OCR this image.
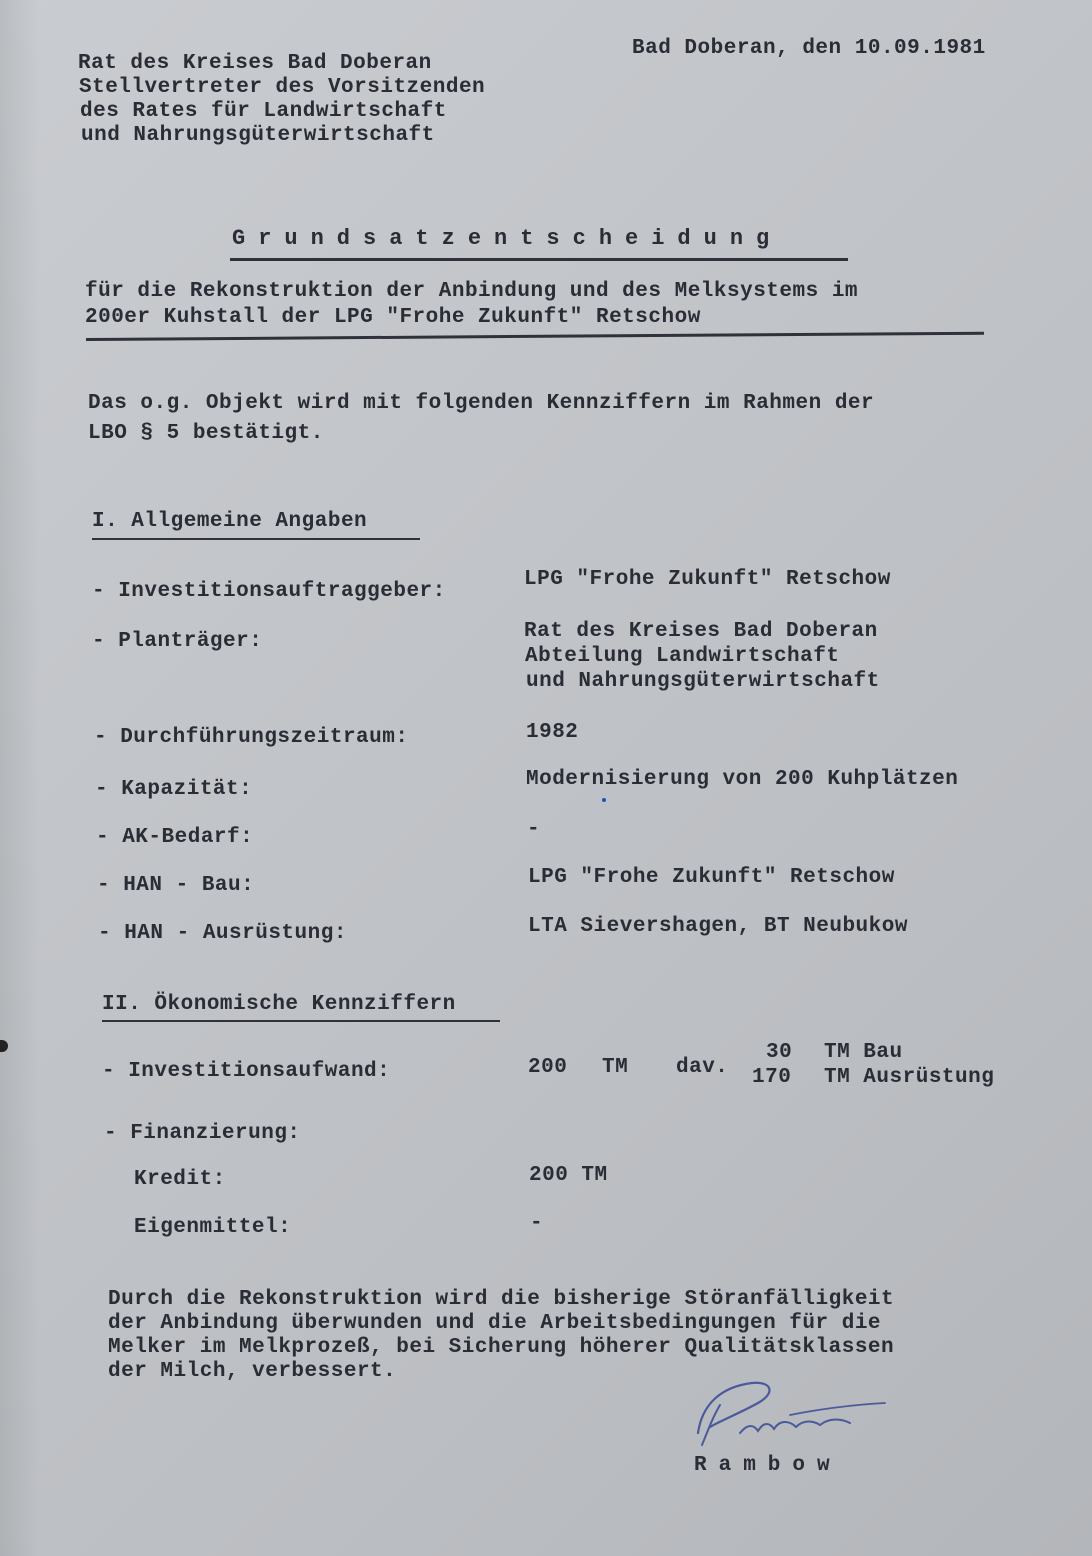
Rat des Kreises Bad Doberan
Stellvertreter des Vorsitzenden
des Rates für Landwirtschaft
und Nahrungsgüterwirtschaft
Bad Doberan, den 10.09.1981
Grundsatzentscheidung
für die Rekonstruktion der Anbindung und des Melksystems im
200er Kuhstall der LPG "Frohe Zukunft" Retschow
Das o.g. Objekt wird mit folgenden Kennziffern im Rahmen der
LBO § 5 bestätigt.
I. Allgemeine Angaben
- Investitionsauftraggeber:
LPG "Frohe Zukunft" Retschow
- Planträger:	Rat des Kreises Bad Doberan
Abteilung Landwirtschaft
und Nahrungsgüterwirtschaft
- Durchführungszeitraum:	1982
- Kapazität:	Modernisierung von 200 Kuhplätzen
- AK-Bedarf:	-
- HAN - Bau:	LPG "Frohe Zukunft" Retschow
- HAN - Ausrüstung:	LTA Sievershagen, BT Neubukow
II. Ökonomische Kennziffern
- Investitionsaufwand:	200 TM dav.
30 TM Bau
170 TM Ausrüstung
- Finanzierung:
Kredit:	200 TM
Eigenmittel:	-
Durch die Rekonstruktion wird die bisherige Störanfälligkeit
der Anbindung überwunden und die Arbeitsbedingungen für die
Melker im Melkprozeß, bei Sicherung höherer Qualitätsklassen
der Milch, verbessert.
Rambow
